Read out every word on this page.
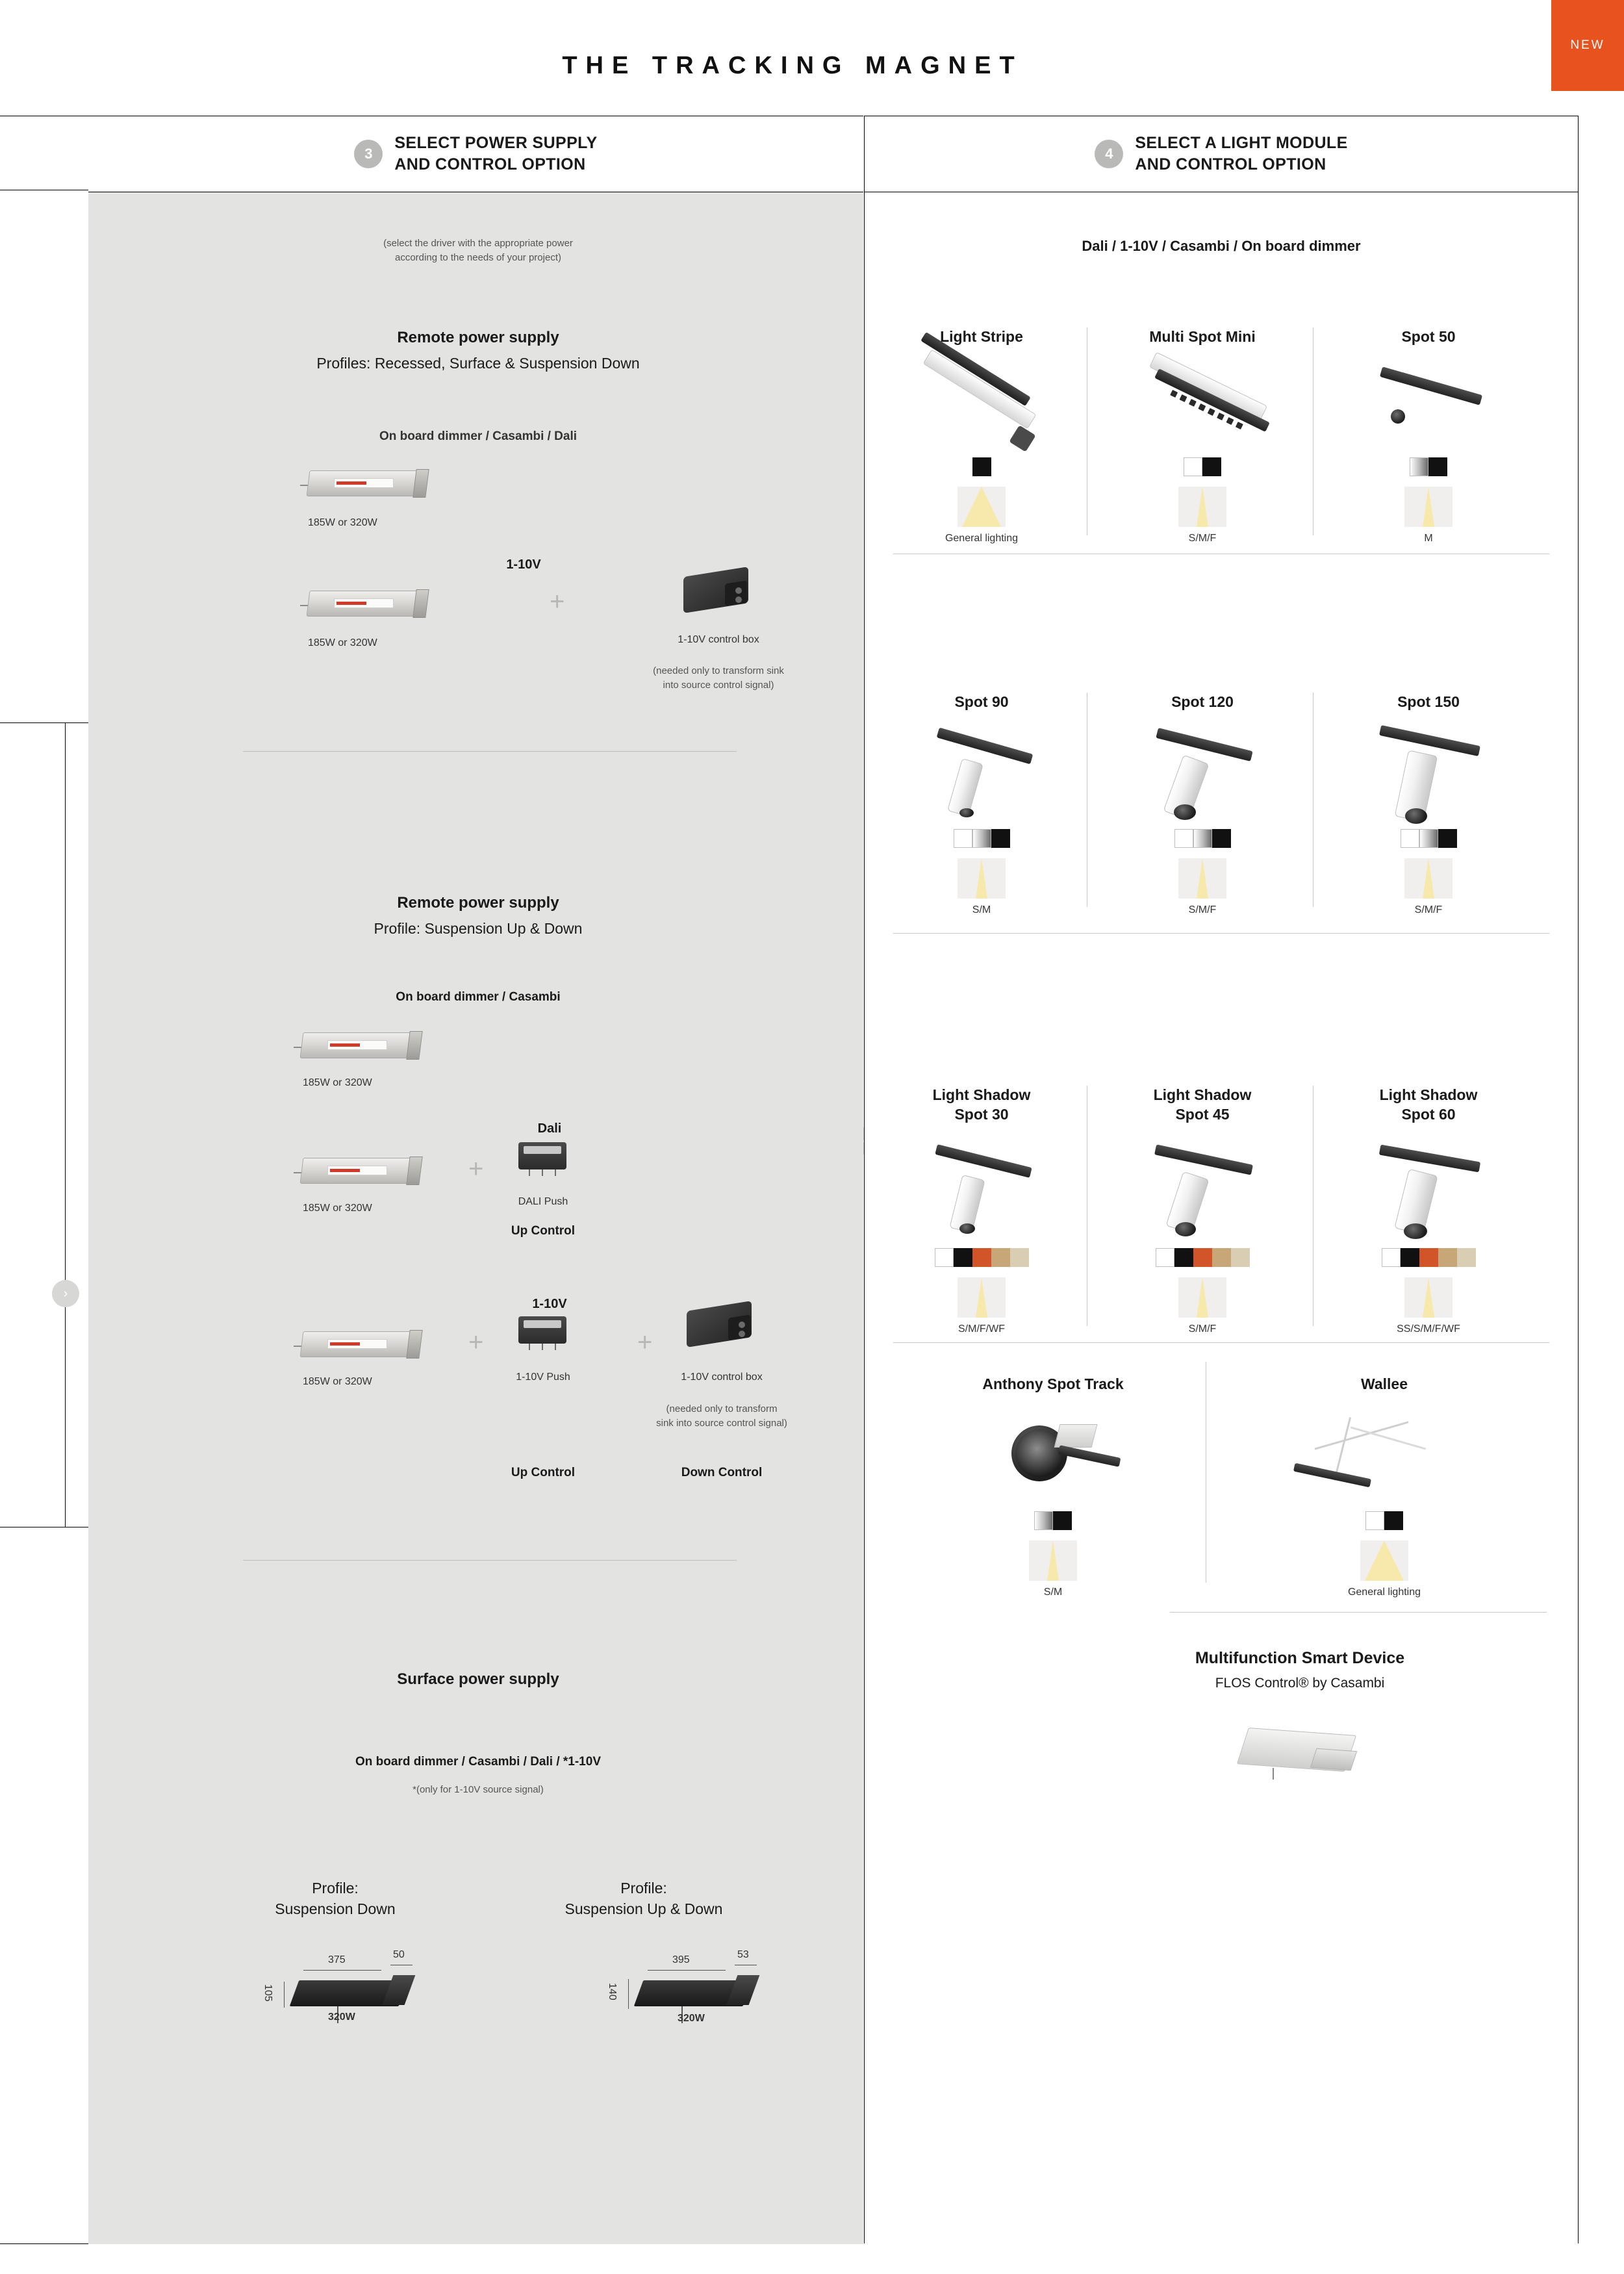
THE TRACKING MAGNET
NEW
›
3
SELECT POWER SUPPLY
AND CONTROL OPTION
(select the driver with the appropriate power
according to the needs of your project)
Remote power supply
Profiles: Recessed, Surface & Suspension Down
On board dimmer / Casambi / Dali
185W or 320W
1-10V
185W or 320W
+
1-10V control box
(needed only to transform sink
into source control signal)
Remote power supply
Profile: Suspension Up & Down
On board dimmer / Casambi
185W or 320W
Dali
185W or 320W
+
DALI Push
Up Control
1-10V
185W or 320W
+
1-10V Push
+
1-10V control box
(needed only to transform
sink into source control signal)
Up Control	Down Control
Surface power supply
On board dimmer / Casambi / Dali / *1-10V
*(only for 1-10V source signal)
Profile:
Suspension Down
375	50
105
320W
Profile:
Suspension Up & Down
395	53
140
320W
4
SELECT A LIGHT MODULE
AND CONTROL OPTION
Dali / 1-10V / Casambi / On board dimmer
Light Stripe
General lighting
Multi Spot Mini
S/M/F
Spot 50
M
Spot 90
S/M
Spot 120
S/M/F
Spot 150
S/M/F
Light Shadow
Spot 30
S/M/F/WF
Light Shadow
Spot 45
S/M/F
Light Shadow
Spot 60
SS/S/M/F/WF
Anthony Spot Track
S/M
Wallee
General lighting
Multifunction Smart Device
FLOS Control® by Casambi
